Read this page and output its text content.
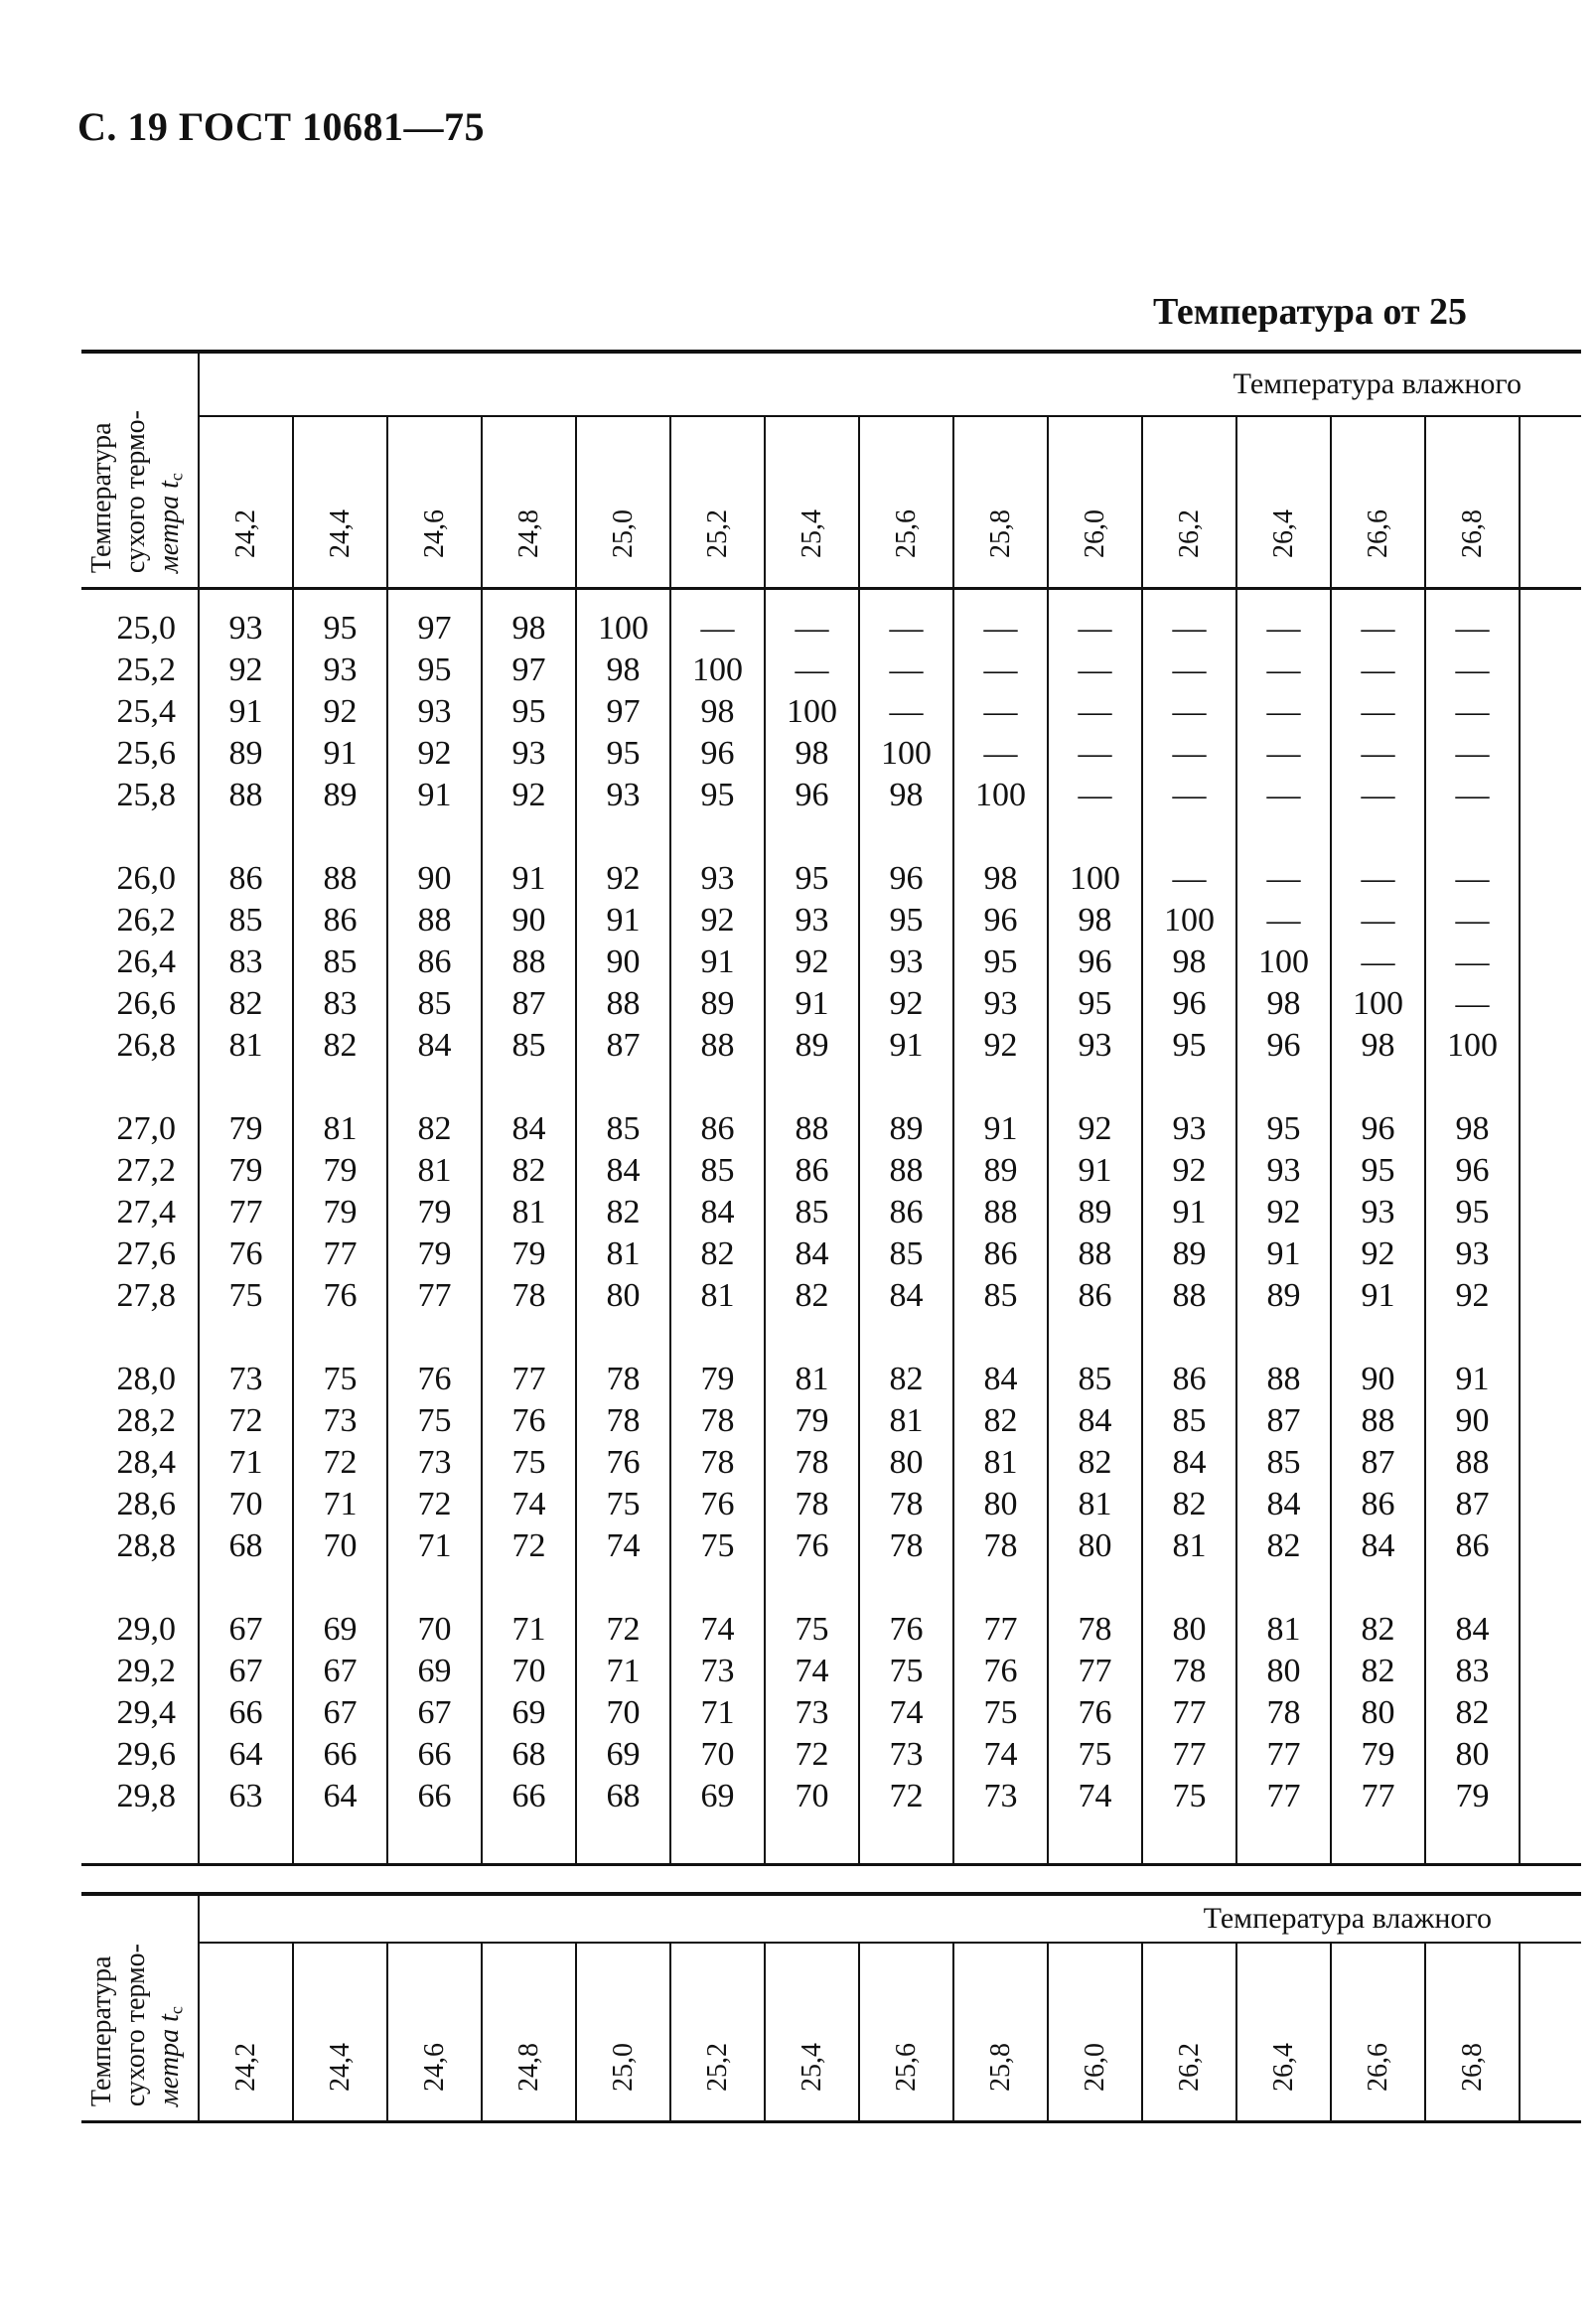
С. 19 ГОСТ 10681—75
Температура от 25
Температура сухого термо- метра $t_с$	Температура влажного														
	24,2	24,4	24,6	24,8	25,0	25,2	25,4	25,6	25,8	26,0	26,2	26,4	26,6	26,8	

25,0	93	95	97	98	100	—	—	—	—	—	—	—	—	—	
25,2	92	93	95	97	98	100	—	—	—	—	—	—	—	—	
25,4	91	92	93	95	97	98	100	—	—	—	—	—	—	—	
25,6	89	91	92	93	95	96	98	100	—	—	—	—	—	—	
25,8	88	89	91	92	93	95	96	98	100	—	—	—	—	—	

26,0	86	88	90	91	92	93	95	96	98	100	—	—	—	—	
26,2	85	86	88	90	91	92	93	95	96	98	100	—	—	—	
26,4	83	85	86	88	90	91	92	93	95	96	98	100	—	—	
26,6	82	83	85	87	88	89	91	92	93	95	96	98	100	—	
26,8	81	82	84	85	87	88	89	91	92	93	95	96	98	100	

27,0	79	81	82	84	85	86	88	89	91	92	93	95	96	98	
27,2	79	79	81	82	84	85	86	88	89	91	92	93	95	96	
27,4	77	79	79	81	82	84	85	86	88	89	91	92	93	95	
27,6	76	77	79	79	81	82	84	85	86	88	89	91	92	93	
27,8	75	76	77	78	80	81	82	84	85	86	88	89	91	92	

28,0	73	75	76	77	78	79	81	82	84	85	86	88	90	91	
28,2	72	73	75	76	78	78	79	81	82	84	85	87	88	90	
28,4	71	72	73	75	76	78	78	80	81	82	84	85	87	88	
28,6	70	71	72	74	75	76	78	78	80	81	82	84	86	87	
28,8	68	70	71	72	74	75	76	78	78	80	81	82	84	86	

29,0	67	69	70	71	72	74	75	76	77	78	80	81	82	84	
29,2	67	67	69	70	71	73	74	75	76	77	78	80	82	83	
29,4	66	67	67	69	70	71	73	74	75	76	77	78	80	82	
29,6	64	66	66	68	69	70	72	73	74	75	77	77	79	80	
29,8	63	64	66	66	68	69	70	72	73	74	75	77	77	79	

Температура сухого термо- метра $t_с$	Температура влажного														
	24,2	24,4	24,6	24,8	25,0	25,2	25,4	25,6	25,8	26,0	26,2	26,4	26,6	26,8	
